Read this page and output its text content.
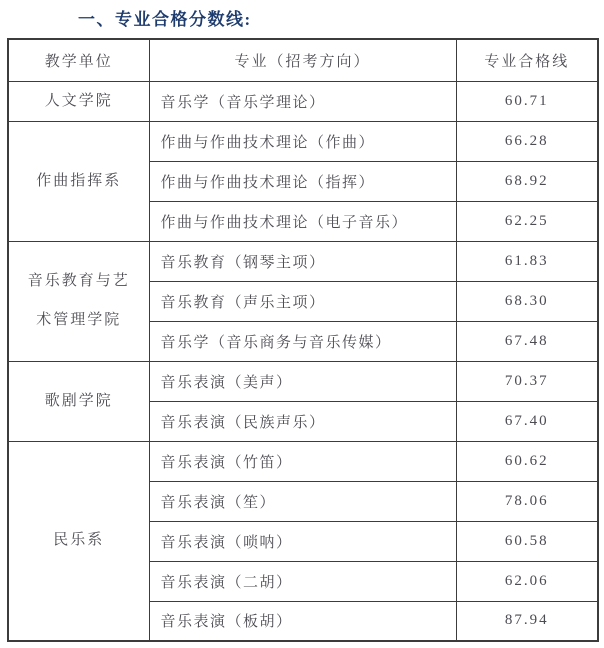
一、专业合格分数线:
教学单位	专业（招考方向）	专业合格线
人文学院	音乐学（音乐学理论）	60.71
作曲指挥系	作曲与作曲技术理论（作曲）	66.28
	作曲与作曲技术理论（指挥）	68.92
	作曲与作曲技术理论（电子音乐）	62.25
音乐教育与艺术管理学院	音乐教育（钢琴主项）	61.83
	音乐教育（声乐主项）	68.30
	音乐学（音乐商务与音乐传媒）	67.48
歌剧学院	音乐表演（美声）	70.37
	音乐表演（民族声乐）	67.40
民乐系	音乐表演（竹笛）	60.62
	音乐表演（笙）	78.06
	音乐表演（唢呐）	60.58
	音乐表演（二胡）	62.06
	音乐表演（板胡）	87.94
